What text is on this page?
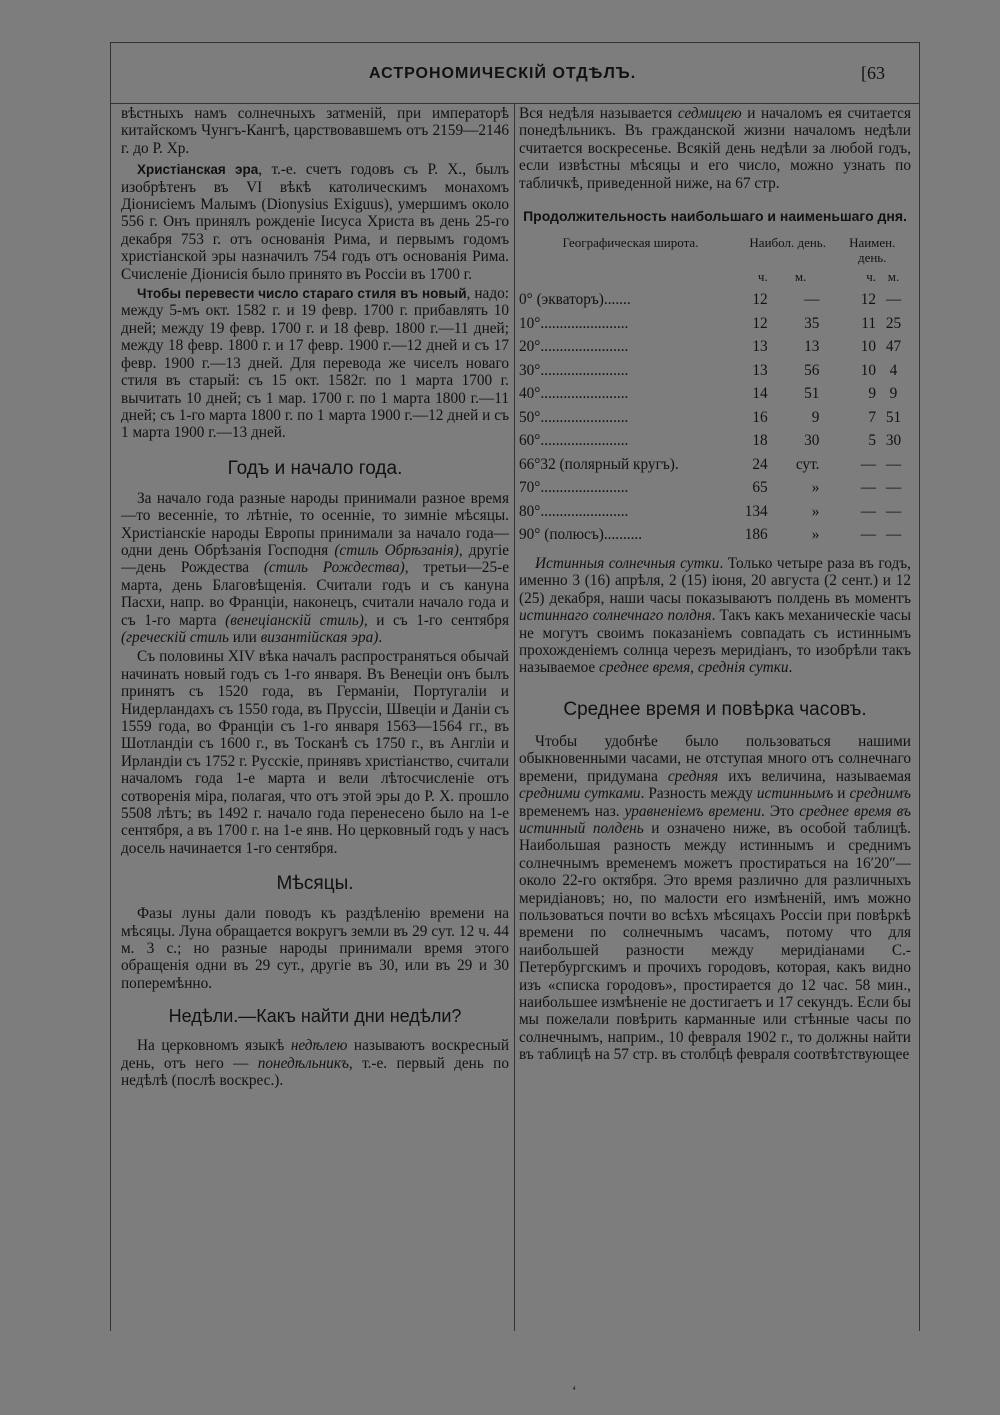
АСТРОНОМИЧЕСКІЙ ОТДѢЛЪ.	[63

вѣстныхъ намъ солнечныхъ затменій, при императорѣ китайскомъ Чунгъ-Кангѣ, царствовавшемъ отъ 2159—2146 г. до Р. Хр.

Христіанская эра, т.-е. счетъ годовъ съ Р. Х., былъ изобрѣтенъ въ VI вѣкѣ католическимъ монахомъ Діонисіемъ Малымъ (Dionysius Exiguus), умершимъ около 556 г. Онъ принялъ рожденіе Іисуса Христа въ день 25-го декабря 753 г. отъ основанія Рима, и первымъ годомъ христіанской эры назначилъ 754 годъ отъ основанія Рима. Счисленіе Діонисія было принято въ Россіи въ 1700 г.

Чтобы перевести число стараго стиля въ новый, надо: между 5-мъ окт. 1582 г. и 19 февр. 1700 г. прибавлять 10 дней; между 19 февр. 1700 г. и 18 февр. 1800 г.—11 дней; между 18 февр. 1800 г. и 17 февр. 1900 г.—12 дней и съ 17 февр. 1900 г.—13 дней. Для перевода же чиселъ новаго стиля въ старый: съ 15 окт. 1582г. по 1 марта 1700 г. вычитать 10 дней; съ 1 мар. 1700 г. по 1 марта 1800 г.—11 дней; съ 1-го марта 1800 г. по 1 марта 1900 г.—12 дней и съ 1 марта 1900 г.—13 дней.

Годъ и начало года.

За начало года разные народы принимали разное время—то весенніе, то лѣтніе, то осенніе, то зимніе мѣсяцы. Христіанскіе народы Европы принимали за начало года—одни день Обрѣзанія Господня (стиль Обрѣзанія), другіе—день Рождества (стиль Рождества), третьи—25-е марта, день Благовѣщенія. Считали годъ и съ кануна Пасхи, напр. во Франціи, наконецъ, считали начало года и съ 1-го марта (венеціанскій стиль), и съ 1-го сентября (греческій стиль или византійская эра).

Съ половины XIV вѣка началъ распространяться обычай начинать новый годъ съ 1-го января. Въ Венеціи онъ былъ принятъ съ 1520 года, въ Германіи, Португаліи и Нидерландахъ съ 1550 года, въ Пруссіи, Швеціи и Даніи съ 1559 года, во Франціи съ 1-го января 1563—1564 гг., въ Шотландіи съ 1600 г., въ Тосканѣ съ 1750 г., въ Англіи и Ирландіи съ 1752 г. Русскіе, принявъ христіанство, считали началомъ года 1-е марта и вели лѣтосчисленіе отъ сотворенія міра, полагая, что отъ этой эры до Р. Х. прошло 5508 лѣтъ; въ 1492 г. начало года перенесено было на 1-е сентября, а въ 1700 г. на 1-е янв. Но церковный годъ у насъ досель начинается 1-го сентября.

Мѣсяцы.

Фазы луны дали поводъ къ раздѣленію времени на мѣсяцы. Луна обращается вокругъ земли въ 29 сут. 12 ч. 44 м. 3 с.; но разные народы принимали время этого обращенія одни въ 29 сут., другіе въ 30, или въ 29 и 30 поперемѣнно.

Недѣли.—Какъ найти дни недѣли?

На церковномъ языкѣ недѣлею называютъ воскресный день, отъ него — понедѣльникъ, т.-е. первый день по недѣлѣ (послѣ воскрес.).

Вся недѣля называется седмицею и началомъ ея считается понедѣльникъ. Въ гражданской жизни началомъ недѣли считается воскресенье. Всякій день недѣли за любой годъ, если извѣстны мѣсяцы и его число, можно узнать по табличкѣ, приведенной ниже, на 67 стр.

Продолжительность наибольшаго и наименьшаго дня.
Географическая широта.	Наибол. день.		Наимен. день.	
	ч.	м.	ч.	м.
0° (экваторъ).......	12	—	12	—
10°.......................	12	35	11	25
20°.......................	13	13	10	47
30°.......................	13	56	10	4
40°.......................	14	51	9	9
50°.......................	16	9	7	51
60°.......................	18	30	5	30
66°32 (полярный кругъ).	24	сут.	—	—
70°.......................	65	»	—	—
80°.......................	134	»	—	—
90° (полюсъ)..........	186	»	—	—

Истинныя солнечныя сутки. Только четыре раза въ годъ, именно 3 (16) апрѣля, 2 (15) іюня, 20 августа (2 сент.) и 12 (25) декабря, наши часы показываютъ полдень въ моментъ истиннаго солнечнаго полдня. Такъ какъ механическіе часы не могутъ своимъ показаніемъ совпадать съ истиннымъ прохожденіемъ солнца черезъ меридіанъ, то изобрѣли такъ называемое среднее время, среднія сутки.

Среднее время и повѣрка часовъ.

Чтобы удобнѣе было пользоваться нашими обыкновенными часами, не отступая много отъ солнечнаго времени, придумана средняя ихъ величина, называемая средними сутками. Разность между истиннымъ и среднимъ временемъ наз. уравненіемъ времени. Это среднее время въ истинный полдень и означено ниже, въ особой таблицѣ. Наибольшая разность между истиннымъ и среднимъ солнечнымъ временемъ можетъ простираться на 16′20″—около 22-го октября. Это время различно для различныхъ меридіановъ; но, по малости его измѣненій, имъ можно пользоваться почти во всѣхъ мѣсяцахъ Россіи при повѣркѣ времени по солнечнымъ часамъ, потому что для наибольшей разности между меридіанами С.-Петербургскимъ и прочихъ городовъ, которая, какъ видно изъ «списка городовъ», простирается до 12 час. 58 мин., наибольшее измѣненіе не достигаетъ и 17 секундъ. Если бы мы пожелали повѣрить карманные или стѣнные часы по солнечнымъ, наприм., 10 февраля 1902 г., то должны найти въ таблицѣ на 57 стр. въ столбцѣ февраля соотвѣтствующее

ʻ
